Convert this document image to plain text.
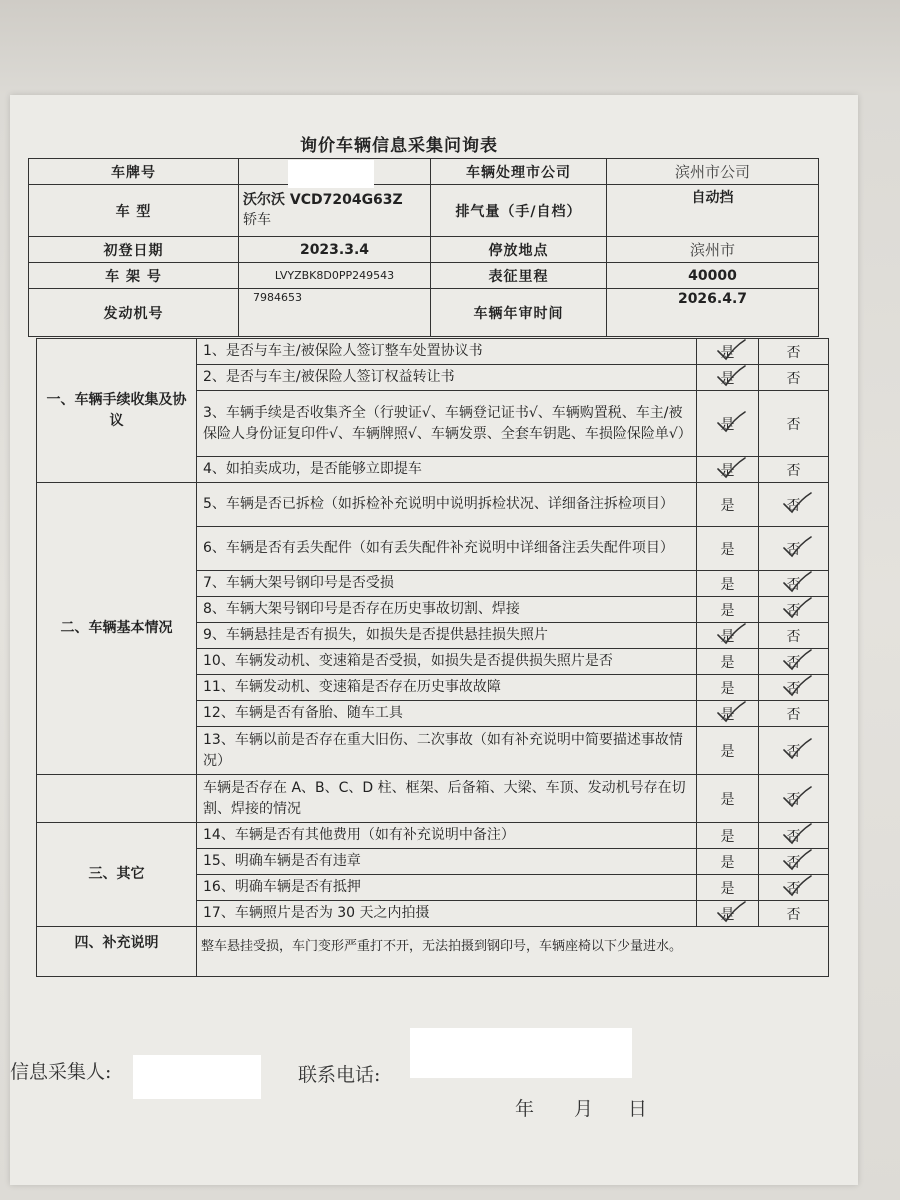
询价车辆信息采集问询表
车牌号		车辆处理市公司	滨州市公司
车 型	沃尔沃 VCD7204G63Z
轿车	排气量（手/自档）	自动挡
初登日期	2023.3.4	停放地点	滨州市
车 架 号	LVYZBK8D0PP249543	表征里程	40000
发动机号	7984653	车辆年审时间	2026.4.7
一、车辆手续收集及协议	1、是否与车主/被保险人签订整车处置协议书	是	否
	2、是否与车主/被保险人签订权益转让书	是	否
	3、车辆手续是否收集齐全（行驶证√、车辆登记证书√、车辆购置税、车主/被保险人身份证复印件√、车辆牌照√、车辆发票、全套车钥匙、车损险保险单√）	是	否
	4、如拍卖成功，是否能够立即提车	是	否
二、车辆基本情况	5、车辆是否已拆检（如拆检补充说明中说明拆检状况、详细备注拆检项目）	是	否

	6、车辆是否有丢失配件（如有丢失配件补充说明中详细备注丢失配件项目）	是	否

	7、车辆大架号钢印号是否受损	是	否

	8、车辆大架号钢印号是否存在历史事故切割、焊接	是	否

	9、车辆悬挂是否有损失，如损失是否提供悬挂损失照片	是	否
	10、车辆发动机、变速箱是否受损，如损失是否提供损失照片是否	是	否

	11、车辆发动机、变速箱是否存在历史事故故障	是	否

	12、车辆是否有备胎、随车工具	是	否
	13、车辆以前是否存在重大旧伤、二次事故（如有补充说明中简要描述事故情况）	是	否

	车辆是否存在 A、B、C、D 柱、框架、后备箱、大梁、车顶、发动机号存在切割、焊接的情况	是	否

三、其它	14、车辆是否有其他费用（如有补充说明中备注）	是	否

	15、明确车辆是否有违章	是	否

	16、明确车辆是否有抵押	是	否

	17、车辆照片是否为 30 天之内拍摄	是	否
四、补充说明	整车悬挂受损，车门变形严重打不开，无法拍摄到钢印号，车辆座椅以下少量进水。		
信息采集人:	联系电话:
年 月 日
